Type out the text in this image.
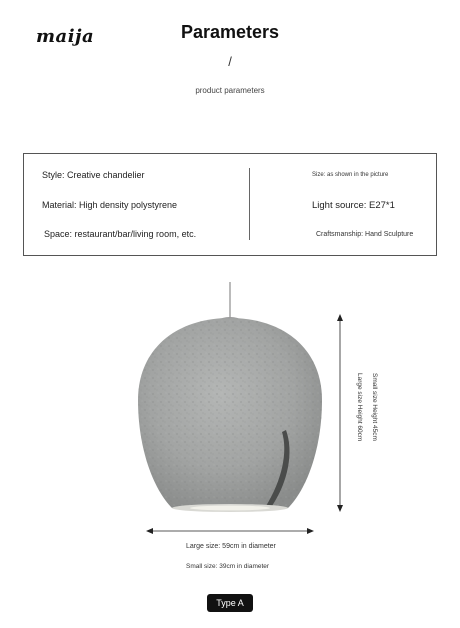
maija	Parameters
/
product parameters
Style: Creative chandelier
Material: High density polystyrene
Space: restaurant/bar/living room, etc.
Size: as shown in the picture
Light source: E27*1
Craftsmanship: Hand Sculpture
Small size Height 45cm
Large size Height 60cm
Large size: 59cm in diameter
Small size: 39cm in diameter
Type A
